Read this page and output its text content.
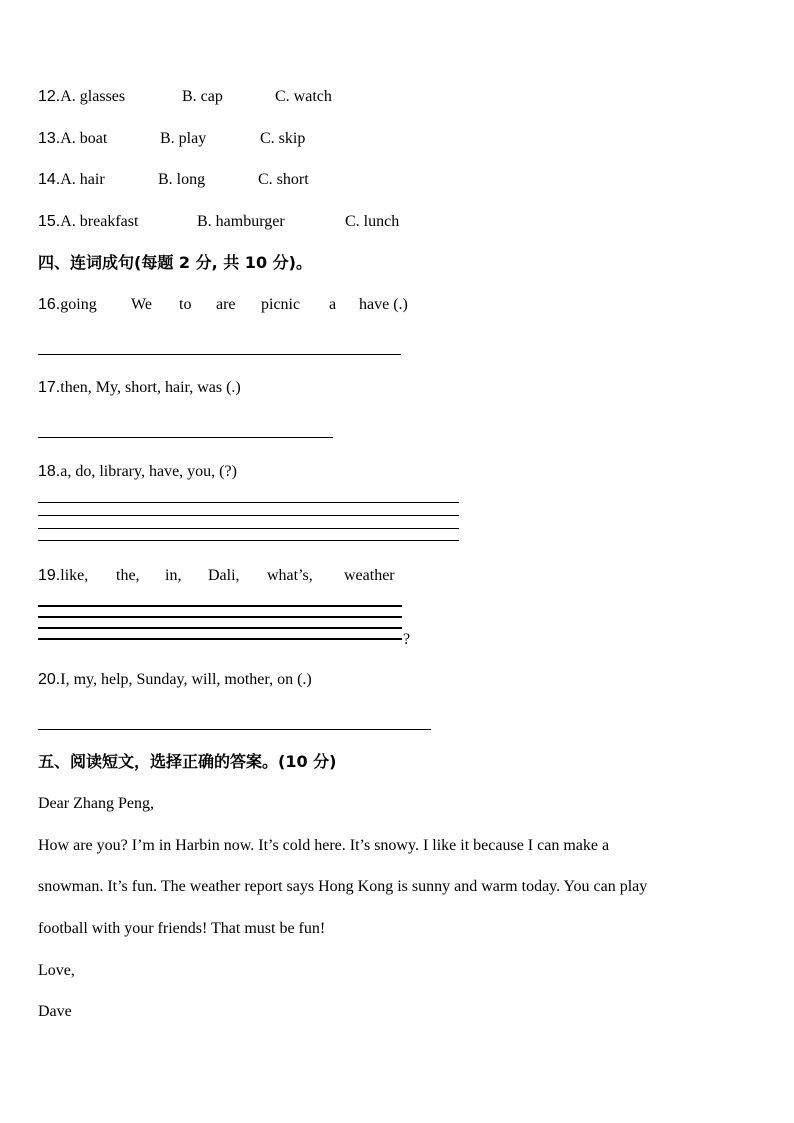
12.A. glasses	B. cap	C. watch
13.A. boat	B. play	C. skip
14.A. hair	B. long	C. short
15.A. breakfast	B. hamburger	C. lunch
四、连词成句(每题 2 分, 共 10 分)。
16.going We to are picnic a have (.)
17.then, My, short, hair, was (.)
18.a, do, library, have, you, (?)
19.like, the, in, Dali, what’s, weather
?
20.I, my, help, Sunday, will, mother, on (.)
五、阅读短文，选择正确的答案。(10 分)
Dear Zhang Peng,
How are you? I’m in Harbin now. It’s cold here. It’s snowy. I like it because I can make a
snowman. It’s fun. The weather report says Hong Kong is sunny and warm today. You can play
football with your friends! That must be fun!
Love,
Dave
